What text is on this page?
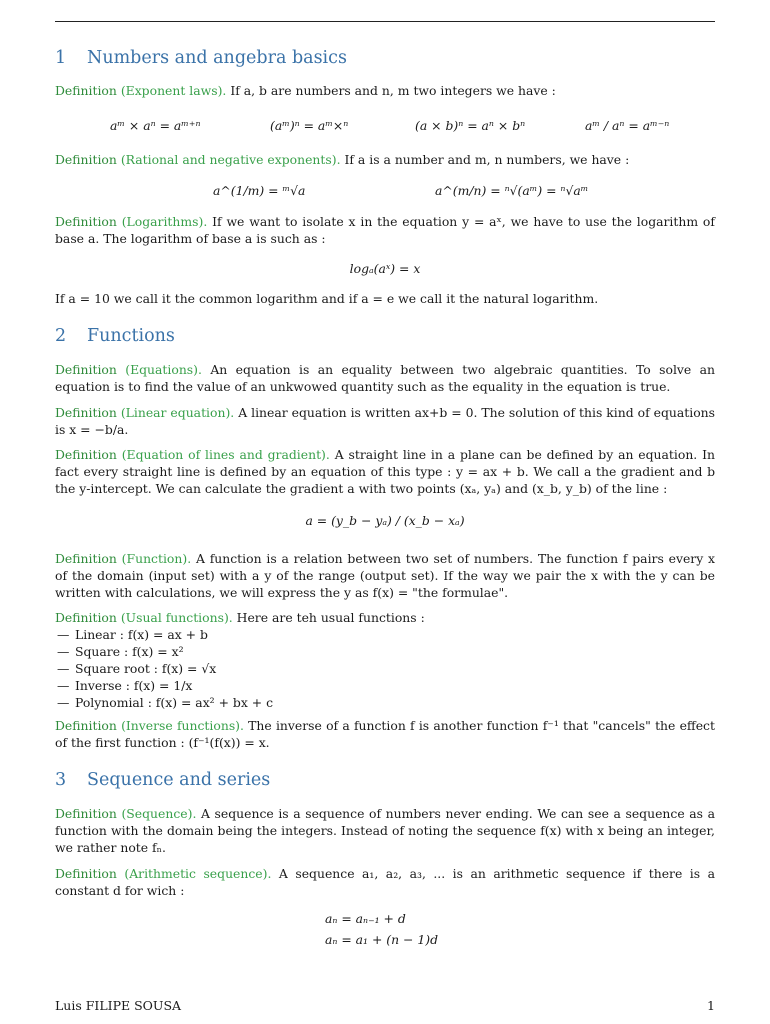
1 Numbers and angebra basics
Definition (Exponent laws). If a, b are numbers and n, m two integers we have :
aᵐ × aⁿ = aᵐ⁺ⁿ	(aᵐ)ⁿ = aᵐ×ⁿ	(a × b)ⁿ = aⁿ × bⁿ	aᵐ / aⁿ = aᵐ⁻ⁿ
Definition (Rational and negative exponents). If a is a number and m, n numbers, we have :
a^(1/m) = ᵐ√a	a^(m/n) = ⁿ√(aᵐ) = ⁿ√aᵐ
Definition (Logarithms). If we want to isolate x in the equation y = aˣ, we have to use the logarithm of base a. The logarithm of base a is such as :
logₐ(aˣ) = x
If a = 10 we call it the common logarithm and if a = e we call it the natural logarithm.
2 Functions
Definition (Equations). An equation is an equality between two algebraic quantities. To solve an equation is to find the value of an unkwowed quantity such as the equality in the equation is true.
Definition (Linear equation). A linear equation is written ax+b = 0. The solution of this kind of equations is x = −b/a.
Definition (Equation of lines and gradient). A straight line in a plane can be defined by an equation. In fact every straight line is defined by an equation of this type : y = ax + b. We call a the gradient and b the y-intercept. We can calculate the gradient a with two points (xₐ, yₐ) and (x_b, y_b) of the line :
a = (y_b − yₐ) / (x_b − xₐ)
Definition (Function). A function is a relation between two set of numbers. The function f pairs every x of the domain (input set) with a y of the range (output set). If the way we pair the x with the y can be written with calculations, we will express the y as f(x) = "the formulae".
Definition (Usual functions). Here are teh usual functions :
— Linear : f(x) = ax + b
— Square : f(x) = x²
— Square root : f(x) = √x
— Inverse : f(x) = 1/x
— Polynomial : f(x) = ax² + bx + c
Definition (Inverse functions). The inverse of a function f is another function f⁻¹ that "cancels" the effect of the first function : (f⁻¹(f(x)) = x.
3 Sequence and series
Definition (Sequence). A sequence is a sequence of numbers never ending. We can see a sequence as a function with the domain being the integers. Instead of noting the sequence f(x) with x being an integer, we rather note fₙ.
Definition (Arithmetic sequence). A sequence a₁, a₂, a₃, ... is an arithmetic sequence if there is a constant d for wich :
aₙ = aₙ₋₁ + d
aₙ = a₁ + (n − 1)d
Luis FILIPE SOUSA	1
